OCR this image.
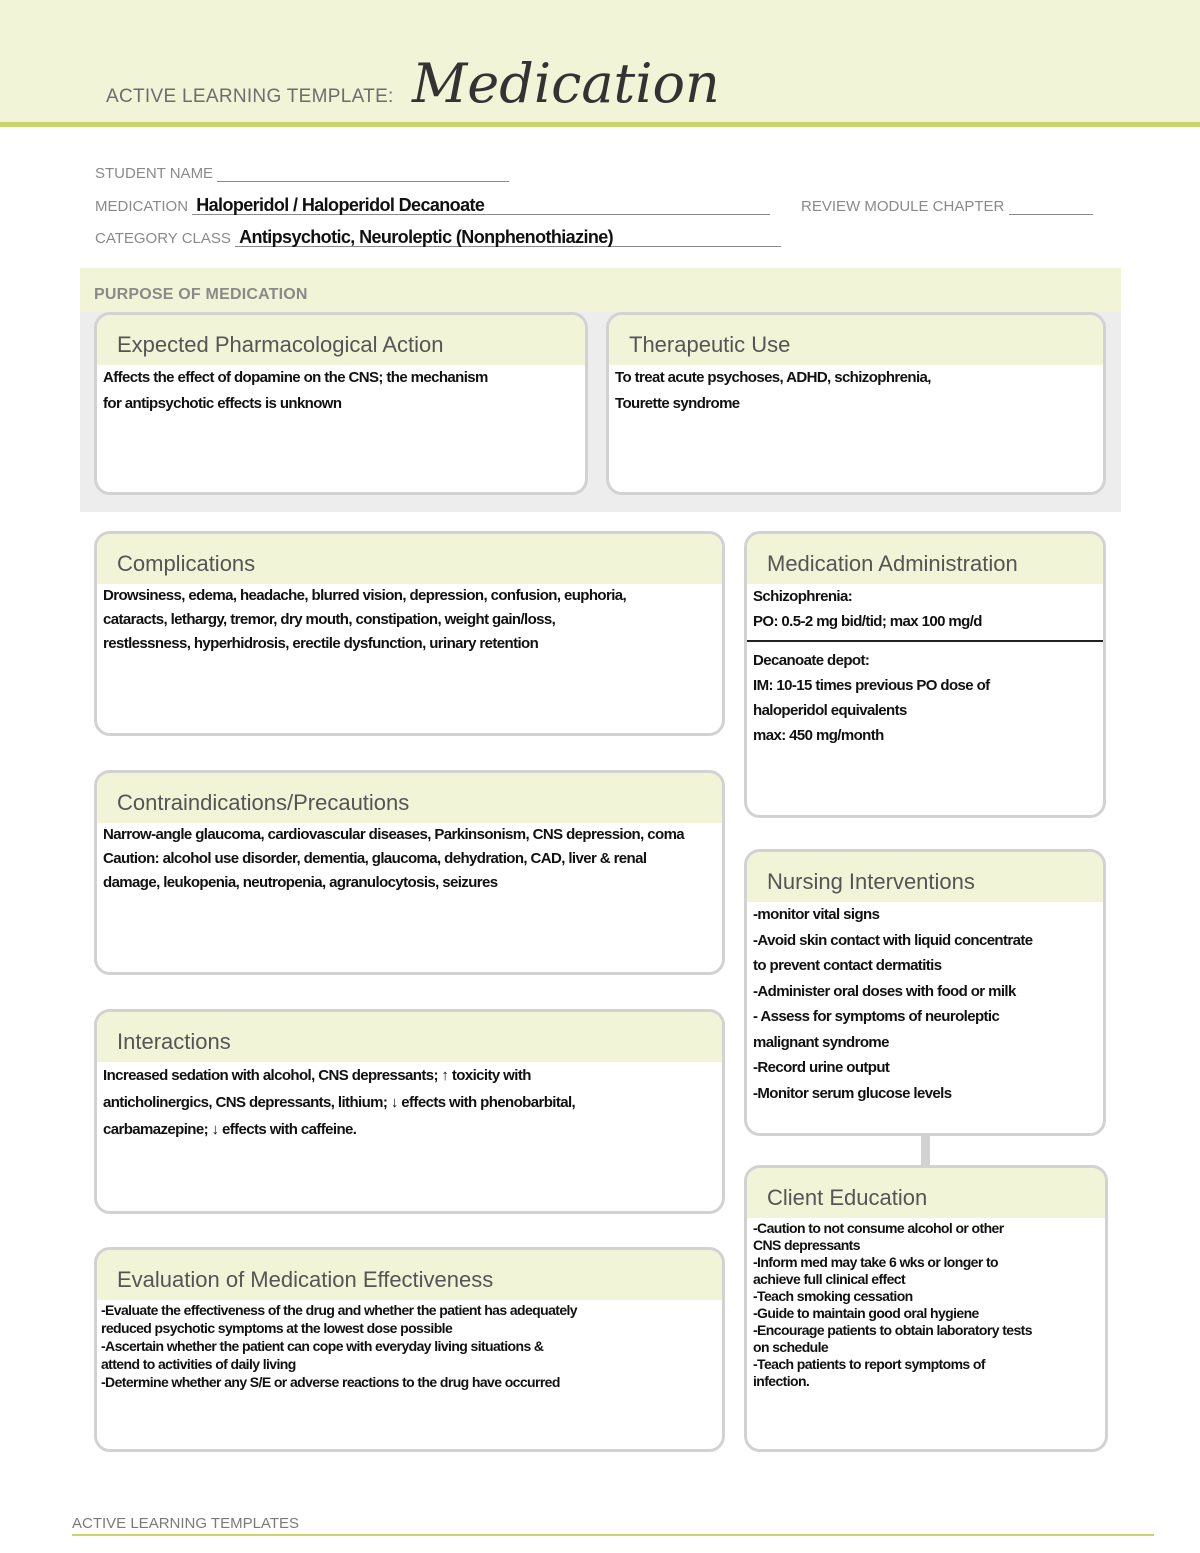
ACTIVE LEARNING TEMPLATE: Medication
STUDENT NAME
MEDICATION Haloperidol / Haloperidol Decanoate	REVIEW MODULE CHAPTER
CATEGORY CLASS Antipsychotic, Neuroleptic (Nonphenothiazine)
PURPOSE OF MEDICATION
Expected Pharmacological Action
Affects the effect of dopamine on the CNS; the mechanism
for antipsychotic effects is unknown
Therapeutic Use
To treat acute psychoses, ADHD, schizophrenia,
Tourette syndrome
Complications
Drowsiness, edema, headache, blurred vision, depression, confusion, euphoria,
cataracts, lethargy, tremor, dry mouth, constipation, weight gain/loss,
restlessness, hyperhidrosis, erectile dysfunction, urinary retention
Medication Administration
Schizophrenia:
PO: 0.5-2 mg bid/tid; max 100 mg/d
Decanoate depot:
IM: 10-15 times previous PO dose of
haloperidol equivalents
max: 450 mg/month
Contraindications/Precautions
Narrow-angle glaucoma, cardiovascular diseases, Parkinsonism, CNS depression, coma
Caution: alcohol use disorder, dementia, glaucoma, dehydration, CAD, liver & renal
damage, leukopenia, neutropenia, agranulocytosis, seizures	Nursing Interventions
-monitor vital signs
-Avoid skin contact with liquid concentrate
to prevent contact dermatitis
-Administer oral doses with food or milk
- Assess for symptoms of neuroleptic
malignant syndrome
-Record urine output
-Monitor serum glucose levels
Interactions
Increased sedation with alcohol, CNS depressants; ↑ toxicity with
anticholinergics, CNS depressants, lithium; ↓ effects with phenobarbital,
carbamazepine; ↓ effects with caffeine.
Client Education
-Caution to not consume alcohol or other
CNS depressants
-Inform med may take 6 wks or longer to
achieve full clinical effect
-Teach smoking cessation
-Guide to maintain good oral hygiene
-Encourage patients to obtain laboratory tests
on schedule
-Teach patients to report symptoms of
infection.
Evaluation of Medication Effectiveness
-Evaluate the effectiveness of the drug and whether the patient has adequately
reduced psychotic symptoms at the lowest dose possible
-Ascertain whether the patient can cope with everyday living situations &
attend to activities of daily living
-Determine whether any S/E or adverse reactions to the drug have occurred
ACTIVE LEARNING TEMPLATES
